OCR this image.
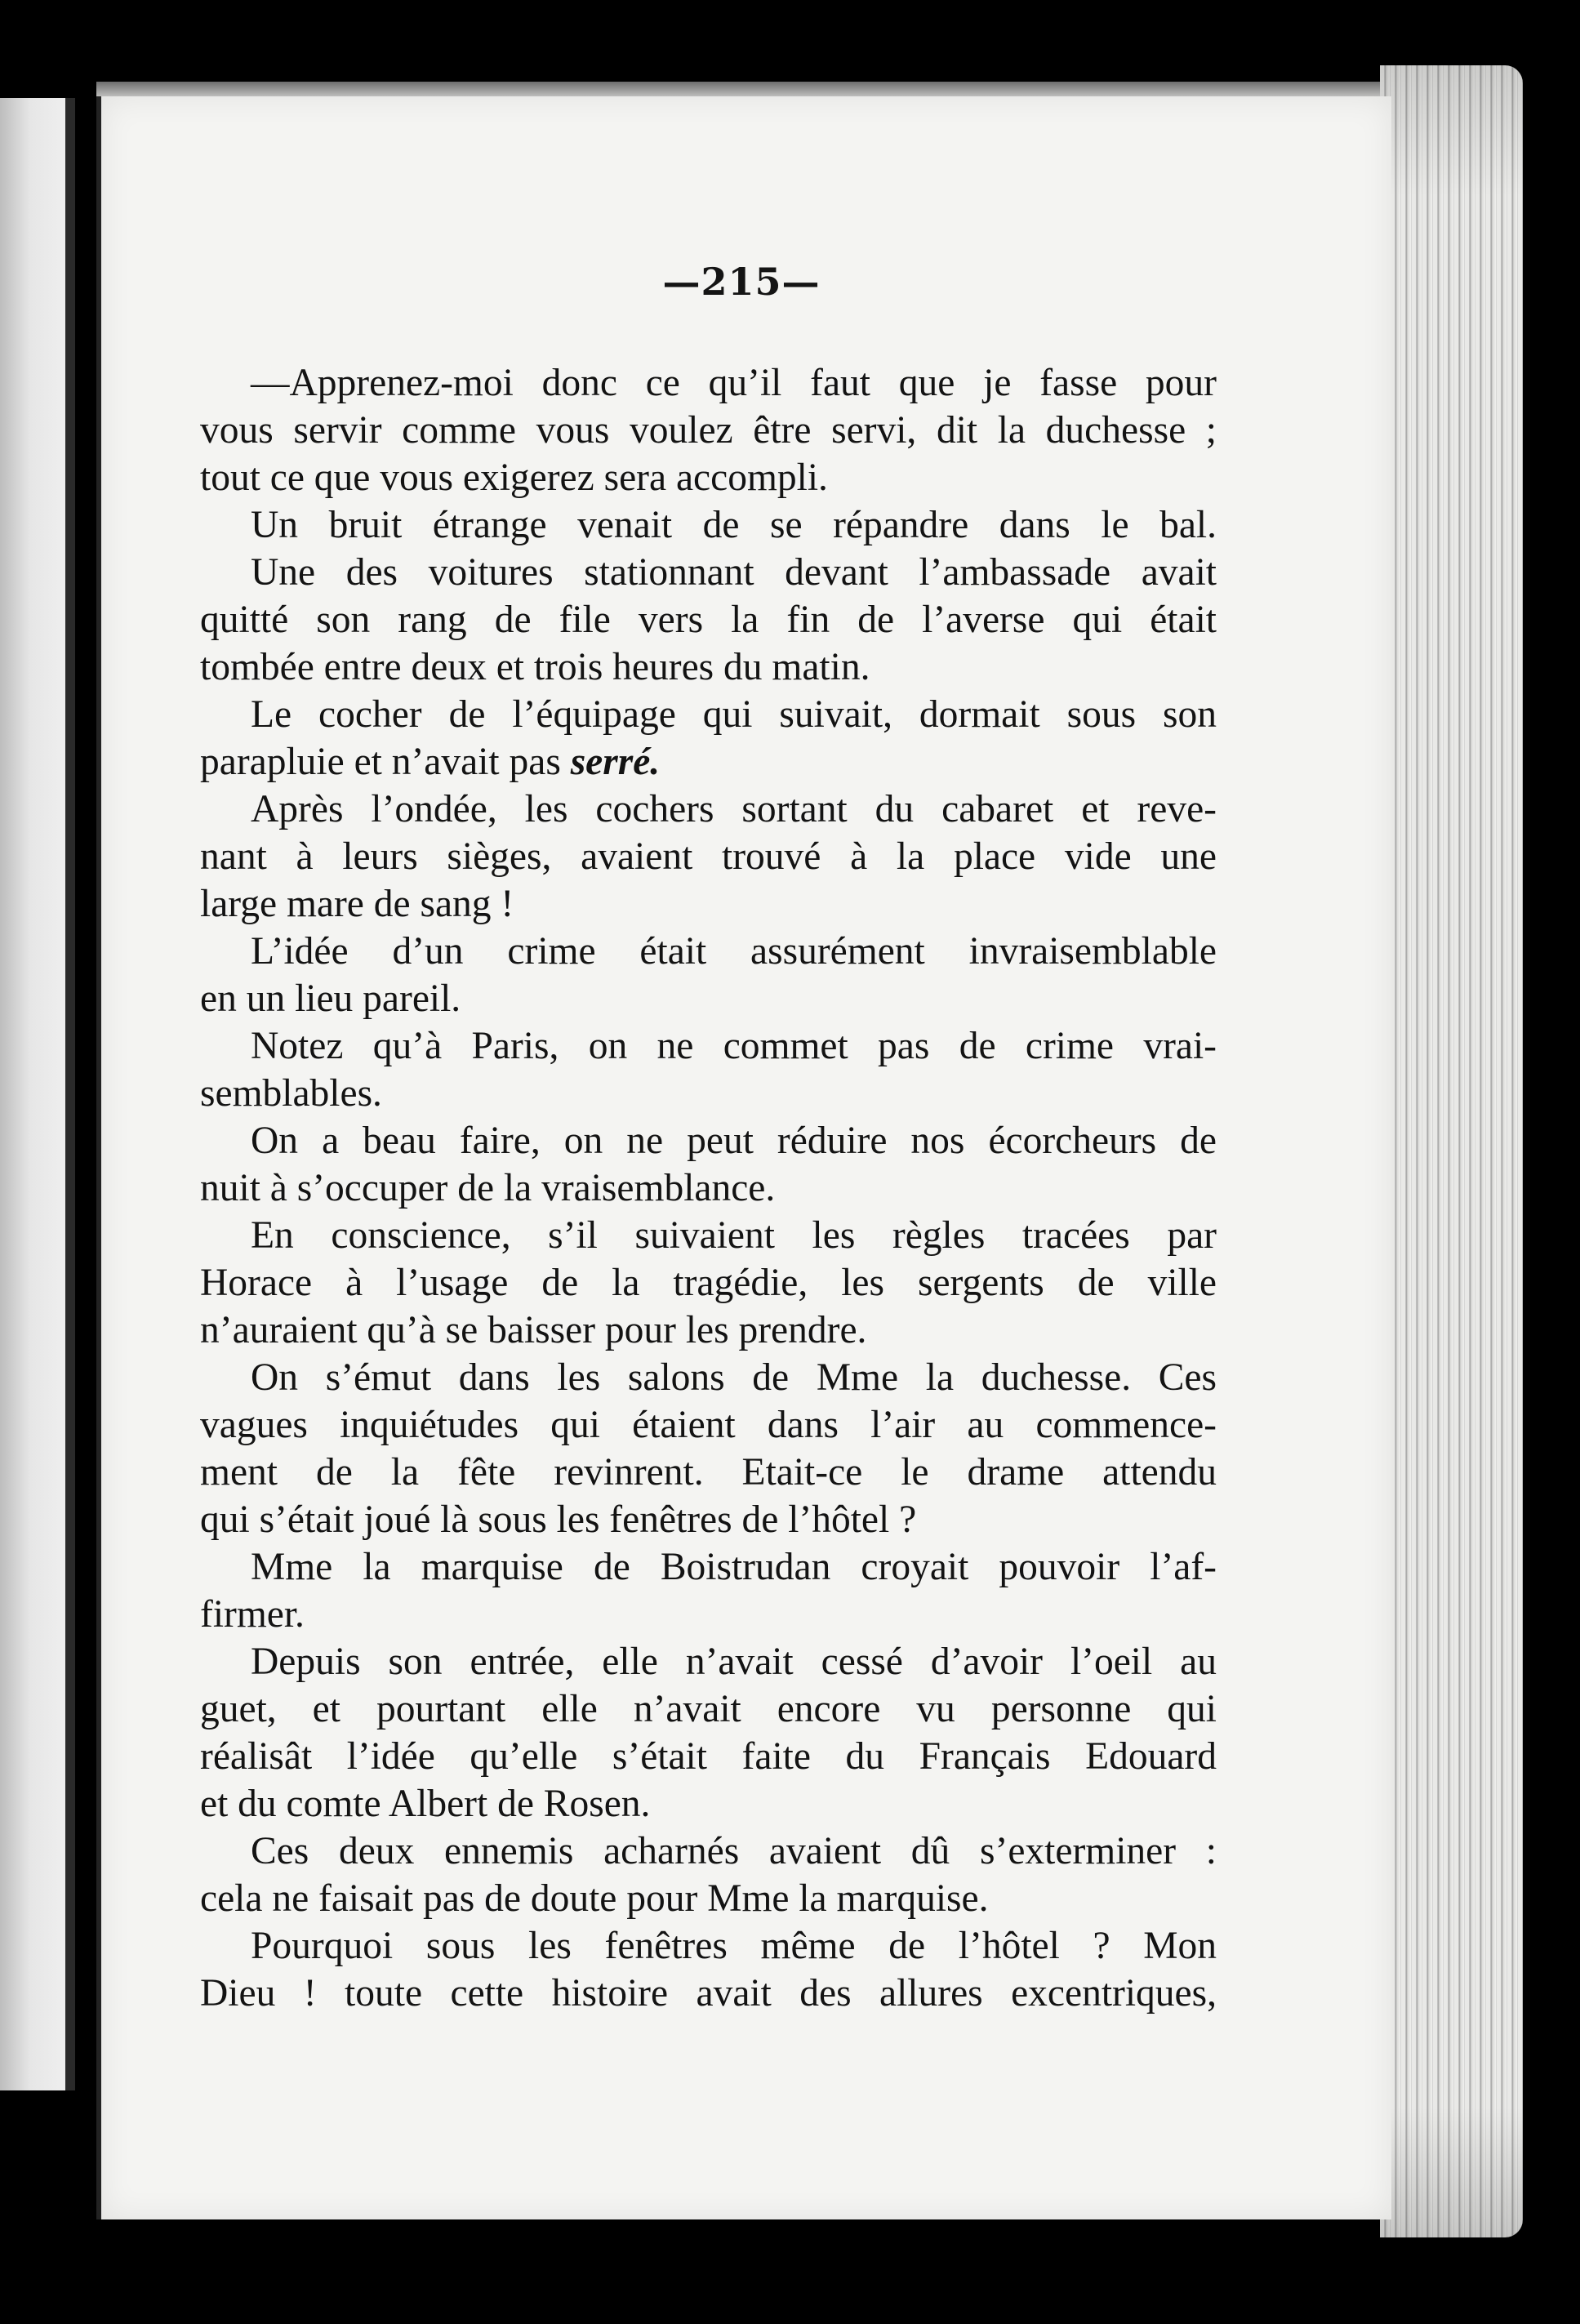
—215—
—Apprenez-moi donc ce qu’il faut que je fasse pour
vous servir comme vous voulez être servi, dit la duchesse ;
tout ce que vous exigerez sera accompli.
Un bruit étrange venait de se répandre dans le bal.
Une des voitures stationnant devant l’ambassade avait
quitté son rang de file vers la fin de l’averse qui était
tombée entre deux et trois heures du matin.
Le cocher de l’équipage qui suivait, dormait sous son
parapluie et n’avait pas serré.
Après l’ondée, les cochers sortant du cabaret et reve-
nant à leurs sièges, avaient trouvé à la place vide une
large mare de sang !
L’idée d’un crime était assurément invraisemblable
en un lieu pareil.
Notez qu’à Paris, on ne commet pas de crime vrai-
semblables.
On a beau faire, on ne peut réduire nos écorcheurs de
nuit à s’occuper de la vraisemblance.
En conscience, s’il suivaient les règles tracées par
Horace à l’usage de la tragédie, les sergents de ville
n’auraient qu’à se baisser pour les prendre.
On s’émut dans les salons de Mme la duchesse. Ces
vagues inquiétudes qui étaient dans l’air au commence-
ment de la fête revinrent. Etait-ce le drame attendu
qui s’était joué là sous les fenêtres de l’hôtel ?
Mme la marquise de Boistrudan croyait pouvoir l’af-
firmer.
Depuis son entrée, elle n’avait cessé d’avoir l’oeil au
guet, et pourtant elle n’avait encore vu personne qui
réalisât l’idée qu’elle s’était faite du Français Edouard
et du comte Albert de Rosen.
Ces deux ennemis acharnés avaient dû s’exterminer :
cela ne faisait pas de doute pour Mme la marquise.
Pourquoi sous les fenêtres même de l’hôtel ? Mon
Dieu ! toute cette histoire avait des allures excentriques,
